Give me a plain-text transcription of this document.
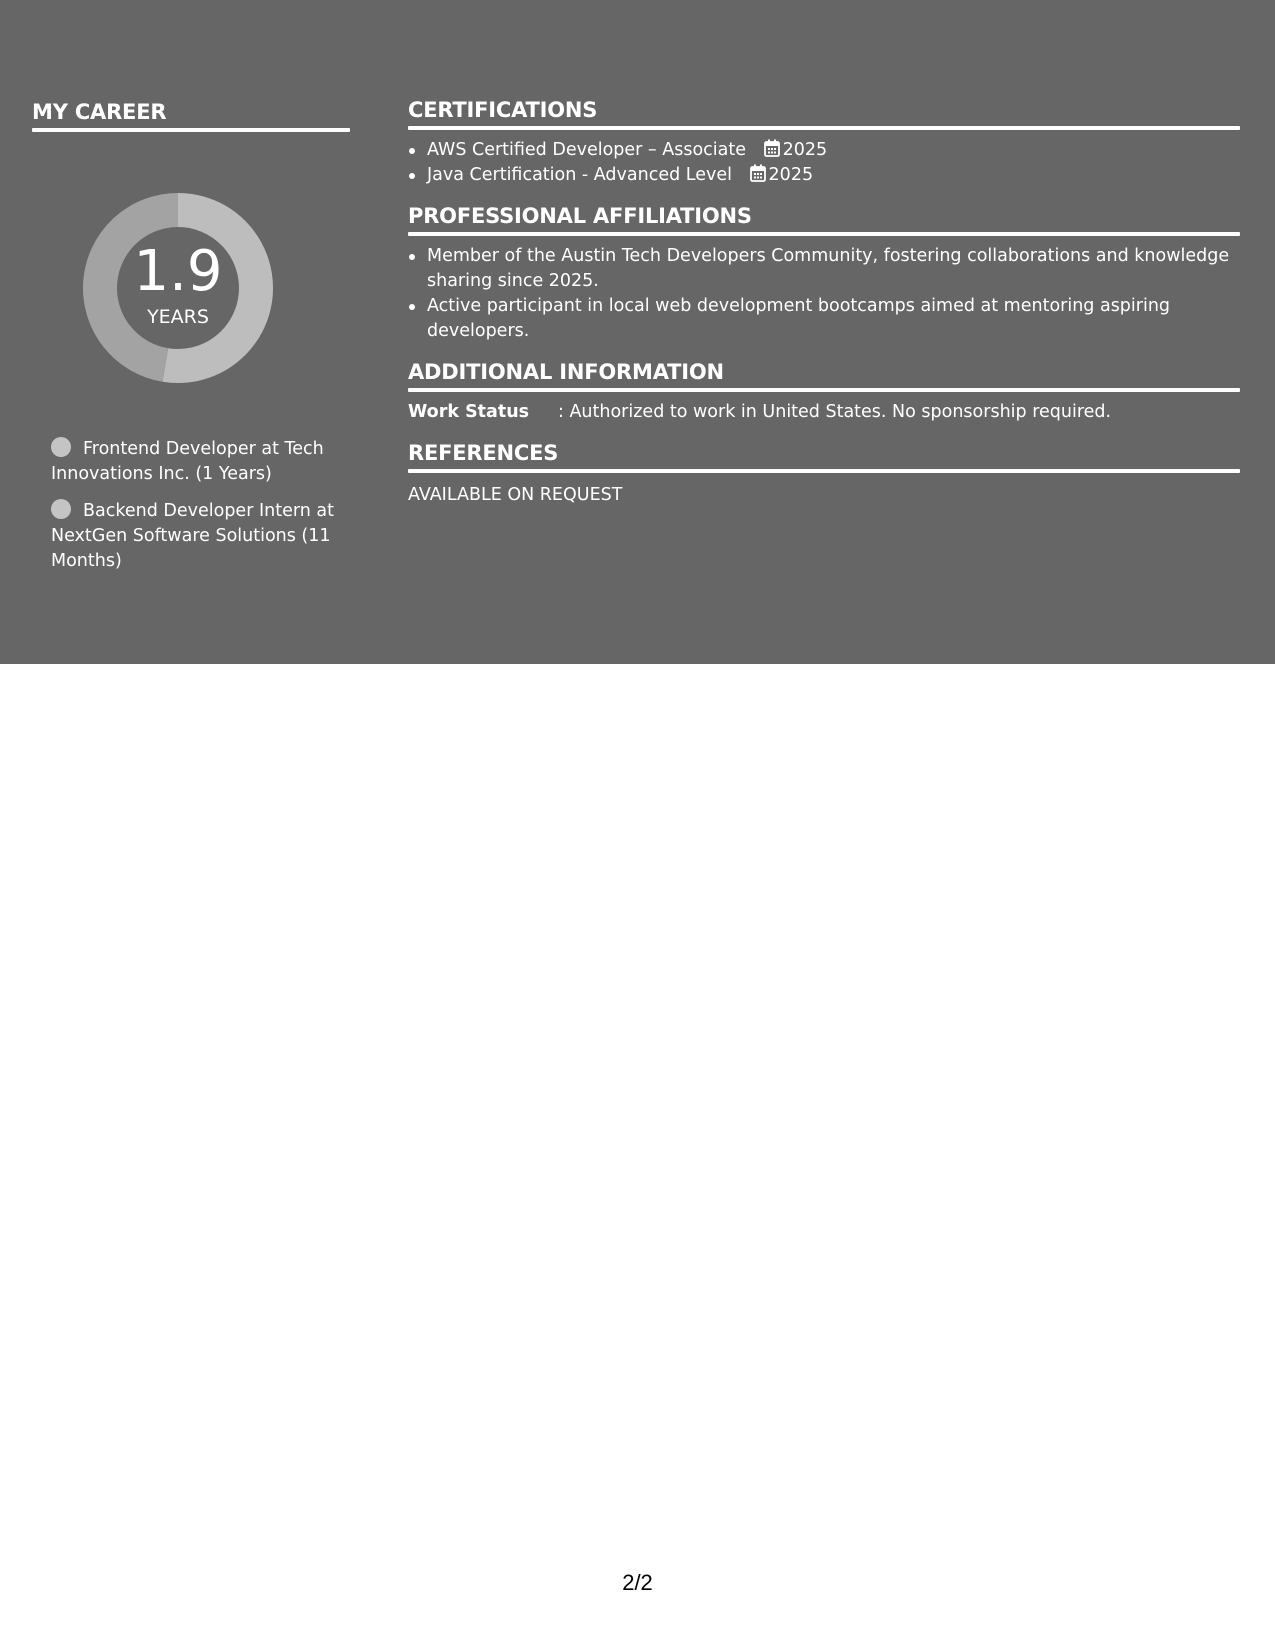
MY CAREER
1.9
YEARS
Frontend Developer at Tech Innovations Inc. (1 Years)
Backend Developer Intern at NextGen Software Solutions (11 Months)
CERTIFICATIONS
AWS Certified Developer – Associate 2025
Java Certification - Advanced Level 2025
PROFESSIONAL AFFILIATIONS
Member of the Austin Tech Developers Community, fostering collaborations and knowledge sharing since 2025.
Active participant in local web development bootcamps aimed at mentoring aspiring developers.
ADDITIONAL INFORMATION
Work Status : Authorized to work in United States. No sponsorship required.
REFERENCES
AVAILABLE ON REQUEST
2/2
